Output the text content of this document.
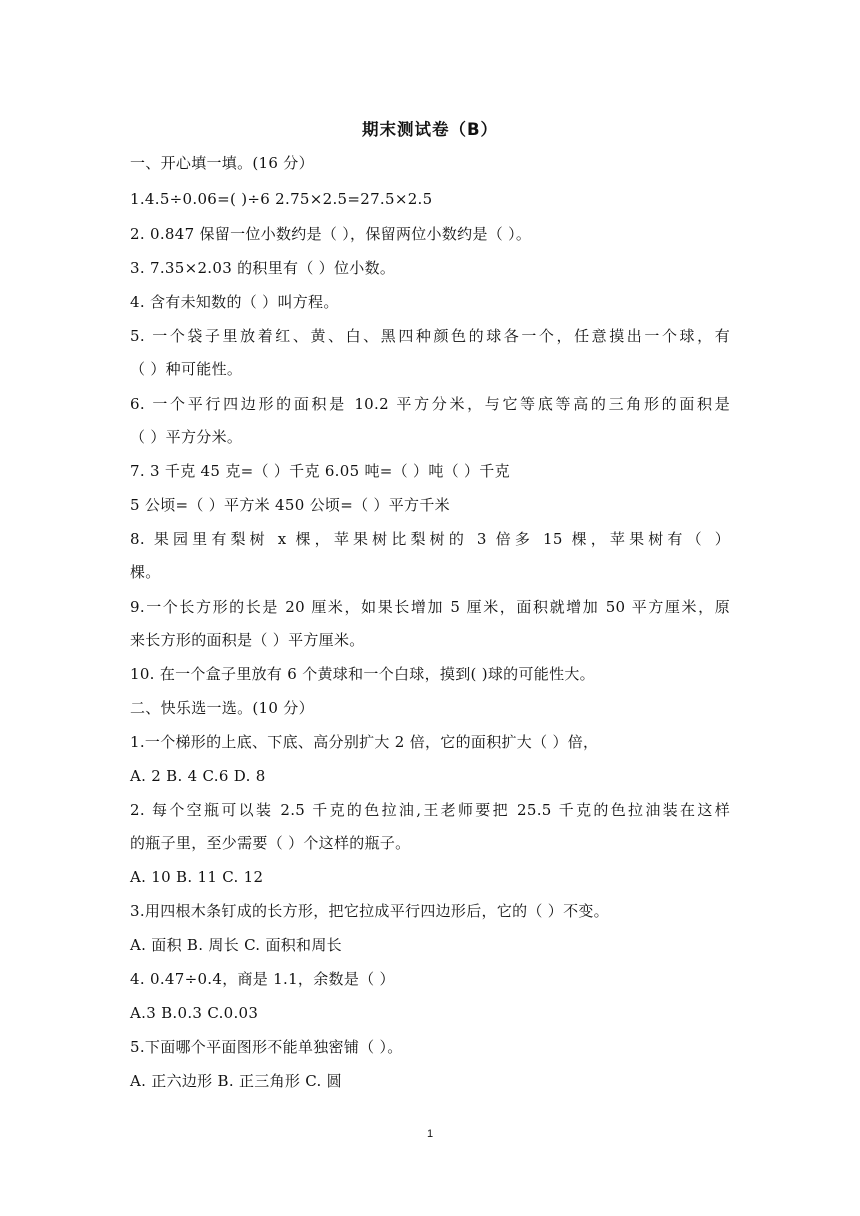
期末测试卷（B）
一、开心填一填。(16 分）
1.4.5÷0.06=( )÷6 2.75×2.5=27.5×2.5
2. 0.847 保留一位小数约是（ ），保留两位小数约是（ ）。
3. 7.35×2.03 的积里有（ ）位小数。
4. 含有未知数的（ ）叫方程。
5. 一个袋子里放着红、黄、白、黑四种颜色的球各一个，任意摸出一个球，有
（ ）种可能性。
6. 一个平行四边形的面积是 10.2 平方分米，与它等底等高的三角形的面积是
（ ）平方分米。
7. 3 千克 45 克=（ ）千克 6.05 吨=（ ）吨（ ）千克
5 公顷=（ ）平方米 450 公顷=（ ）平方千米
8. 果园里有梨树 x 棵，苹果树比梨树的 3 倍多 15 棵，苹果树有（ ）
棵。
9.一个长方形的长是 20 厘米，如果长增加 5 厘米，面积就增加 50 平方厘米，原
来长方形的面积是（ ）平方厘米。
10. 在一个盒子里放有 6 个黄球和一个白球，摸到( )球的可能性大。
二、快乐选一选。(10 分）
1.一个梯形的上底、下底、高分别扩大 2 倍，它的面积扩大（ ）倍，
A. 2 B. 4 C.6 D. 8
2. 每个空瓶可以装 2.5 千克的色拉油,王老师要把 25.5 千克的色拉油装在这样
的瓶子里，至少需要（ ）个这样的瓶子。
A. 10 B. 11 C. 12
3.用四根木条钉成的长方形，把它拉成平行四边形后，它的（ ）不变。
A. 面积 B. 周长 C. 面积和周长
4. 0.47÷0.4，商是 1.1，余数是（ ）
A.3 B.0.3 C.0.03
5.下面哪个平面图形不能单独密铺（ ）。
A. 正六边形 B. 正三角形 C. 圆
1
